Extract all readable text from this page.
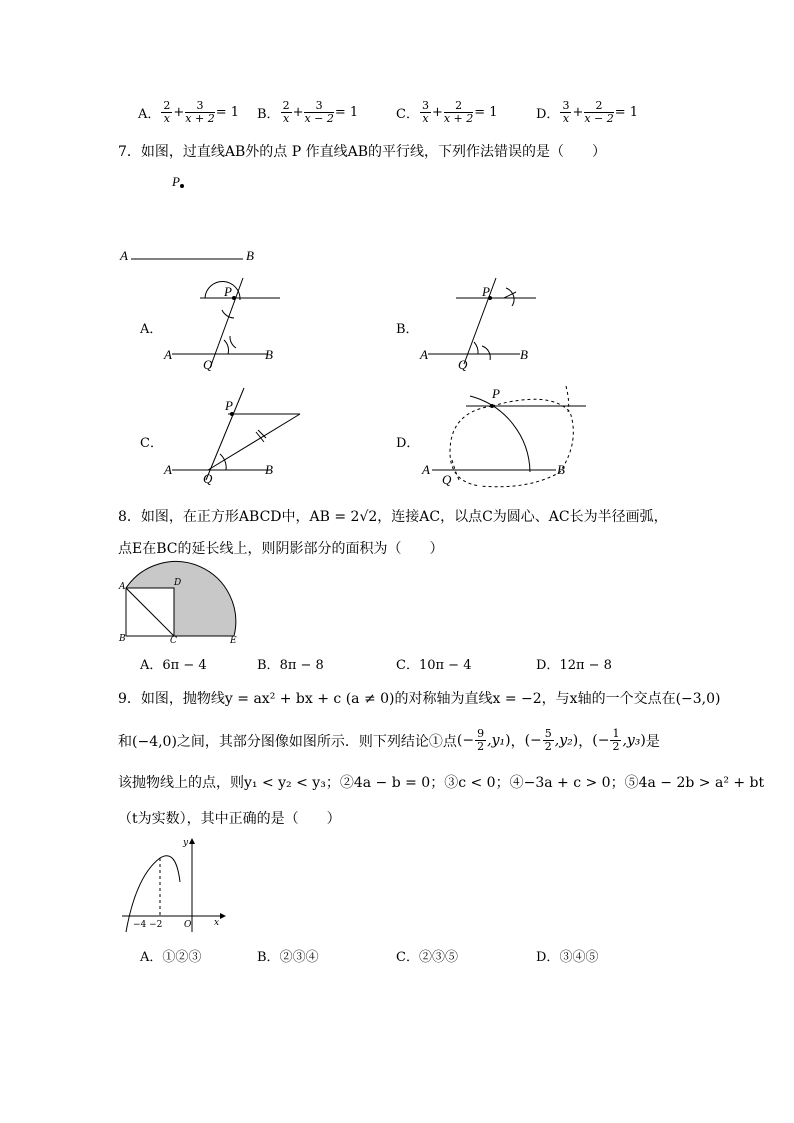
A． $\frac{2}{x} + \frac{3}{x + 2} = 1$ B． $\frac{2}{x} + \frac{3}{x - 2} = 1$	C． $\frac{3}{x} + \frac{2}{x + 2} = 1$	D． $\frac{3}{x} + \frac{2}{x - 2} = 1$
7．如图，过直线AB外的点 P 作直线AB的平行线，下列作法错误的是（　　）
P
A	B
A．
P
A
Q
B
B．
P
A
Q
B
C．
P
A
Q
B
D．
P
A
Q
B
8．如图，在正方形ABCD中，AB = 2√2，连接AC，以点C为圆心、AC长为半径画弧，
点E在BC的延长线上，则阴影部分的面积为（　　）
A	D
B	C	E
A．6π − 4	B．8π − 8	C．10π − 4	D．12π − 8
9．如图，抛物线y = ax² + bx + c (a ≠ 0)的对称轴为直线x = −2，与x轴的一个交点在(−3,0)
和(−4,0)之间，其部分图像如图所示．则下列结论①点 (− $\frac{9}{2} ,y_1$) ， (− $\frac{5}{2} ,y_2$) ， (− $\frac{1}{2} ,y_3$) 是
该抛物线上的点，则y₁ < y₂ < y₃；②4a − b = 0；③c < 0；④−3a + c > 0；⑤4a − 2b > a² + bt
（t为实数），其中正确的是（　　）
y
x
O
−4 −2
A．①②③	B．②③④	C．②③⑤	D．③④⑤
